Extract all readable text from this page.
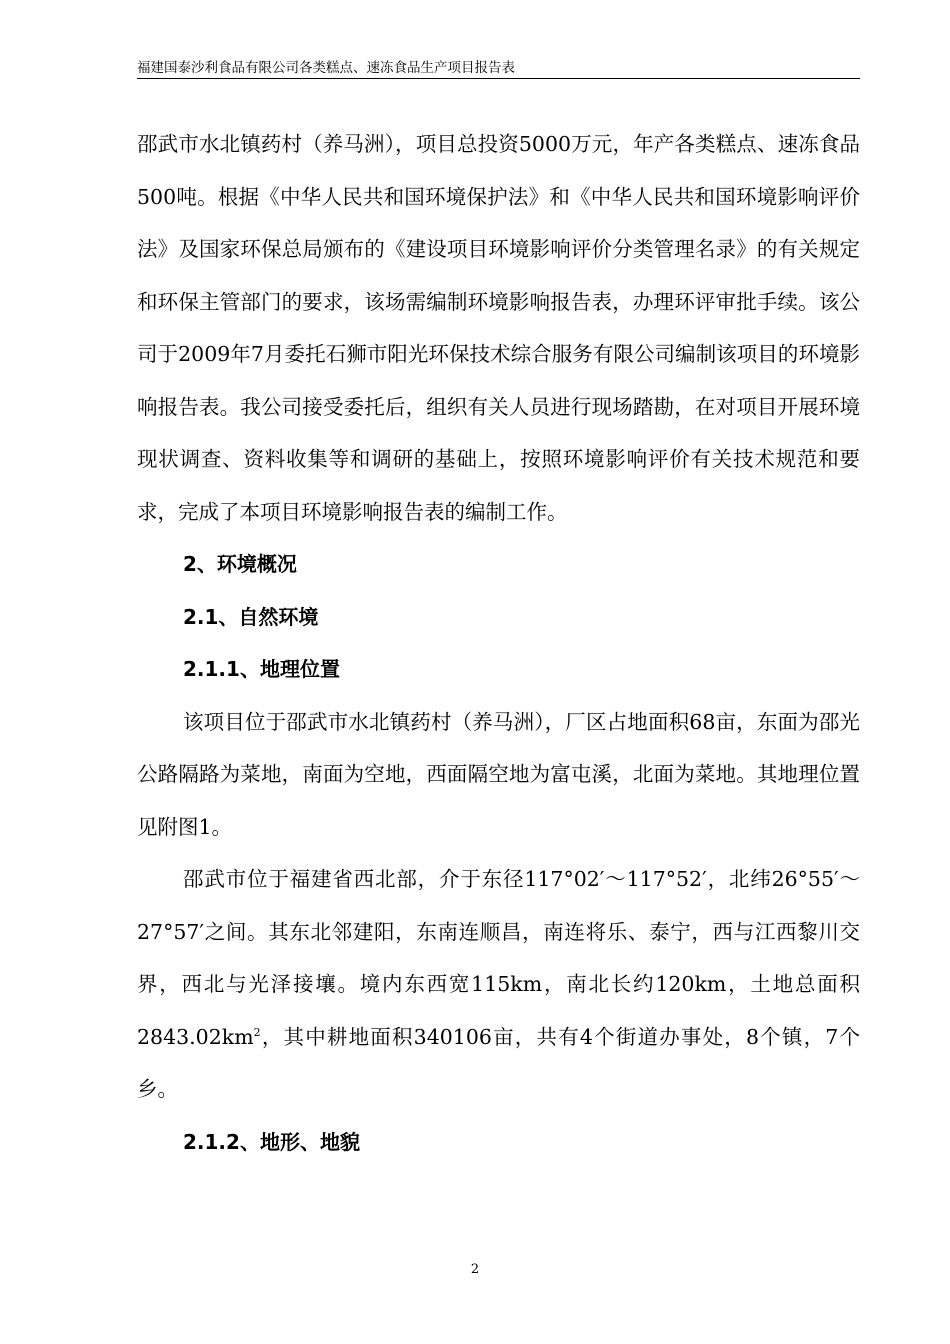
福建国泰沙利食品有限公司各类糕点、速冻食品生产项目报告表

邵武市水北镇药村（养马洲），项目总投资5000万元，年产各类糕点、速冻食品500吨。根据《中华人民共和国环境保护法》和《中华人民共和国环境影响评价法》及国家环保总局颁布的《建设项目环境影响评价分类管理名录》的有关规定和环保主管部门的要求，该场需编制环境影响报告表，办理环评审批手续。该公司于2009年7月委托石狮市阳光环保技术综合服务有限公司编制该项目的环境影响报告表。我公司接受委托后，组织有关人员进行现场踏勘，在对项目开展环境现状调查、资料收集等和调研的基础上，按照环境影响评价有关技术规范和要求，完成了本项目环境影响报告表的编制工作。

2、环境概况

2.1、自然环境

2.1.1、地理位置

该项目位于邵武市水北镇药村（养马洲），厂区占地面积68亩，东面为邵光公路隔路为菜地，南面为空地，西面隔空地为富屯溪，北面为菜地。其地理位置见附图1。

邵武市位于福建省西北部，介于东径117°02′～117°52′，北纬26°55′～27°57′之间。其东北邻建阳，东南连顺昌，南连将乐、泰宁，西与江西黎川交界，西北与光泽接壤。境内东西宽115km，南北长约120km，土地总面积$2843.02km^2$，其中耕地面积340106亩，共有4个街道办事处，8个镇，7个乡。

2.1.2、地形、地貌

2
